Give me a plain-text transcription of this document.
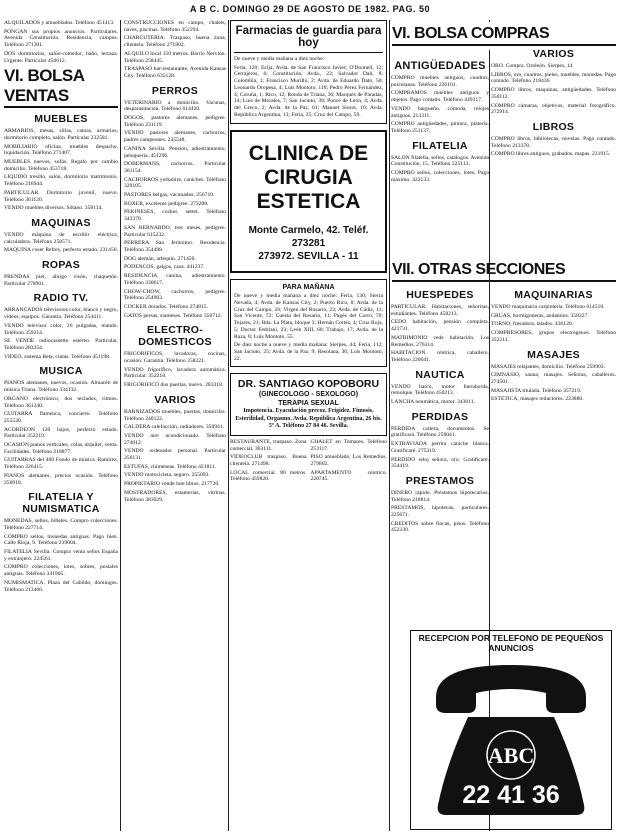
A B C. DOMINGO 29 DE AGOSTO DE 1982. PAG. 50

ALQUILADOS y amueblados. Teléfono 451413.

PONGAN sus propios anuncios. Particulares. Avenida Constitución. Residencia, campos. Teléfono 271301.

DOS dormitorios, salón-comedor, baño, terraza. Urgente. Particular 450612.

VI. BOLSA VENTAS
MUEBLES

ARMARIOS, mesas, sillas, camas, armarios, dormitorio completo, salón. Particular 232581.

MOBILIARIO oficina, muebles despacho, liquidación. Teléfono 271407.

MUEBLES nuevos, sofás. Regalo por cambio domicilio. Teléfono 453718.

LIQUIDO tresillo, salón, dormitorio matrimonio. Teléfono 216944.

PARTICULAR. Dormitorio juvenil, nuevo. Teléfono 361120.

VENDO muebles diversos. Sótano. 358114.

MAQUINAS

VENDO máquina de escribir eléctrica, calculadora. Teléfono 258571.

MAQUINA coser Refrey, perfecto estado. 231456.

ROPAS

PRENDAS piel, abrigo visón, chaquetón. Particular 278901.

RADIO TV.

ARRANCADOS televisores color, blanco y negro, videos, equipos. Garantía. Teléfono 254411.

VENDO televisor color, 26 pulgadas, mando. Teléfono 359214.

SE VENDE radiocassette estéreo. Particular. Teléfono 283354.

VIDEO, sistema Beta, cintas. Teléfono 451198.

MUSICA

PIANOS alemanes, nuevos, ocasión. Almacén de música Triana. Teléfono 334132.

ORGANO electrónico, dos teclados, ritmos. Teléfono 361240.

GUITARRA flamenca, concierto. Teléfono 255520.

ACORDEON 120 bajos, perfecto estado. Particular 352219.

OCASION pianos verticales, colas, alquiler, venta. Facilidades. Teléfono 218877.

GUITARRAS del 400 Fondo de música. Ramírez, Teléfono 226415.

PIANOS alemanes, precios ocasión. Teléfono 250918.

FILATELIA Y NUMISMATICA

MONEDAS, sellos, billetes. Compro colecciones. Teléfono 227714.

COMPRO sellos, monedas antiguas. Pago bien. Calle Rioja, 9. Teléfono 219004.

FILATELIA Sevilla. Compra venta sellos España y extranjero. 224561.

COMPRO colecciones, lotes, sobres, postales antiguas. Teléfono 341905.

NUMISMATICA. Plaza del Cabildo, domingos. Teléfono 213466.

CONSTRUCCIONES en campo, chalets, naves, piscinas. Teléfono 352294.

CHARCUTERIA. Traspaso, buena zona, clientela. Teléfono 271802.

ALQUILO local 150 metros. Barrio Nervión. Teléfono 258445.

TRASPASO bar-restaurante, Avenida Kansas City. Teléfono 635128.

PERROS

VETERINARIO a domicilio. Vacunas, desparasitación. Teléfono 614420.

DOGOS, pastores alemanes, pedigree. Teléfono 231119.

VENDO pastores alemanes, cachorros, padres campeones. 235548.

CANINA Sevilla. Pensión, adiestramiento, peluquería. 451296.

DOBERMANS, cachorros. Particular 361154.

CACHORROS yorkshire, caniches. Teléfono 329105.

PASTORES belgas, vacunados. 256710.

BOXER, excelente pedigree. 273208.

PEKINESES, cocker, setter. Teléfono 343370.

SAN BERNARDO, tres meses, pedigree. Particular 615232.

PERRERA San Jerónimo. Residencia. Teléfono 354498.

DOG alemán, arlequín. 271450.

PODENCOS, galgos, caza. 441237.

RESIDENCIA canina, adiestramiento. Teléfono 330617.

CHOW-CHOW, cachorros, pedigree. Teléfono 254903.

COCKER dorados. Teléfono 274815.

GATOS persas, siameses. Teléfono 350712.

ELECTRO-DOMESTICOS

FRIGORIFICOS, lavadoras, cocinas, ocasión. Garantía. Teléfono 358221.

VENDO frigorífico, lavadora automática. Particular. 352218.

FRIGORIFICO dos puertas, nuevo. 283318.

VARIOS

BARNIZADOS muebles, puertas, domicilio. Teléfono 240122.

CALDERA calefacción, radiadores. 350941.

VENDO aire acondicionado. Teléfono 274012.

VENDO ordenador personal. Particular 256131.

ESTUFAS, chimeneas. Teléfono 421811.

VENDO motocicleta, seguro. 255093.

PROPIETARIO vende lote libros. 217720.

MOSTRADORES, estanterías, vitrinas. Teléfono 383029.

Farmacias de guardia para hoy

De nueve y media mañana a diez noche:

Feria, 120; Ecija, Avda. de San Francisco Javier; O'Donnell, 12; Cerrajeros, 6; Constitución, Avda., 22; Salvador Dalí, 8; Colombia, 1; Francisco Murillo, 2; Avda. de Eduardo Dato, 50; Leonardo Oropesa, 4; Luis Montoto, 118; Pedro Pérez Fernández, 4; Coruña, 1; Rico, 12; Ronda de Triana, 36; Marqués de Paradas, 14; Luis de Morales, 7; San Jacinto, 39; Ponce de León, 4; Avda. del Greco, 2; Avda. de la Paz, 61; Manuel Siurot, 16; Avda. República Argentina, 13; Feria, 35; Cruz del Campo, 59.

CLINICA DE
CIRUGIA ESTETICA
Monte Carmelo, 42. Teléf. 273281
273972. SEVILLA - 11
PARA MAÑANA

De nueve y media mañana a diez noche: Feria, 130; Sierra Nevada, 4; Avda. de Kansas City, 2; Puerto Rico, 8; Avda. de la Cruz del Campo, 26; Virgen del Rosario, 23; Avda. de Cádiz, 11; San Vicente, 72; Cuesta del Rosario, 11; Pagés del Corro, 70; Tejares, 21; Bda. La Plata, bloque 3; Hernán Cortés, 4; Cruz Roja, 5; Doctor Fedriani, 23; León XIII, 60; Trabajo, 17; Avda. de la Raza, 8; Luis Montoto, 55.

De diez noche a nueve y media mañana: Sierpes, 44; Feria, 112; San Jacinto, 25; Avda. de la Paz, 9; Resolana, 36; Luis Montoto, 22.

DR. SANTIAGO KOPOBORU
(GINECOLOGO - SEXOLOGO)
TERAPIA SEXUAL
Impotencia. Eyaculación precoz. Frigidez. Fimosis, Esterilidad, Orgasmo. Avda. República Argentina, 26 bis. 5º A. Teléfono 27 84 46. Sevilla.

RESTAURANTE, traspaso. Zona comercial. 363111.

VIDEOCLUB traspaso. Buena clientela. 271498.

LOCAL comercial. 80 metros. Teléfono 459820.

CHALET en Tomares. Teléfono 253117.

PISO amueblado, Los Remedios. 279802.

APARTAMENTO céntrico. 220745.

ANTIGÜEDADES

COMPRO muebles antiguos, cuadros, porcelanas. Teléfono 226101.

COMPRAMOS muebles antiguos y objetos. Pago contado. Teléfono 449317.

VENDO bargueño, cómoda, relojes antiguos. 213311.

COMPRO antigüedades, pintura, platería. Teléfono 251137.

FILATELIA

SALON filatelia, sellos, catálogos. Avenida Constitución, 15. Teléfono 225113.

COMPRO sellos, colecciones, lotes. Pago máximo. 422133.

VII. OTRAS SECCIONES
HUESPEDES

PARTICULAR. Habitaciones, señoritas, estudiantes. Teléfono 458213.

CEDO habitación, pensión completa. 421731.

MATRIMONIO cede habitación. Los Remedios. 276314.

HABITACION céntrica, caballero. Teléfono 220041.

NAUTICA

VENDO barco, motor fueraborda, remolque. Teléfono 450213.

LANCHA neumática, motor. 343011.

PERDIDAS

PERDIDA cartera, documentos. Se gratificará. Teléfono 256041.

EXTRAVIADA perrita caniche blanca. Gratificaré. 275319.

PERDIDO reloj señora, oro. Gratificaré. 354419.

PRESTAMOS

DINERO rápido. Préstamos hipotecarios. Teléfono 218814.

PRESTAMOS, hipotecas, particulares. 225671.

CREDITOS sobre fincas, pisos. Teléfono 452230.

VI. BOLSA COMPRAS
VARIOS

ORO. Compra. Oroleón. Sierpes, 14.

LIBROS, oro, cuadros, pieles, muebles, monedas. Pago contado. Teléfono 218436.

COMPRO libros, máquinas, antigüedades. Teléfono 350112.

COMPRO cámaras, objetivos, material fotográfico. 272914.

LIBROS

COMPRO libros, bibliotecas, novelas. Pago contado. Teléfono 213378.

COMPRO libros antiguos, grabados, mapas. 231915.

MAQUINARIAS

VENDO maquinaria carpintería. Teléfono 614510.

GRUAS, hormigoneras, andamios. 358227.

TORNO, fresadora, taladro. 436120.

COMPRESORES, grupos electrógenos. Teléfono 352211.

MASAJES

MASAJES relajantes, domicilio. Teléfono 259903.

GIMNASIO, sauna, masajes. Señoras, caballeros. 274501.

MASAJISTA titulada. Teléfono 357219.

ESTETICA, masajes reductores. 223880.

RECEPCION POR TELEFONO DE PEQUEÑOS ANUNCIOS
ABC
22 41 36
